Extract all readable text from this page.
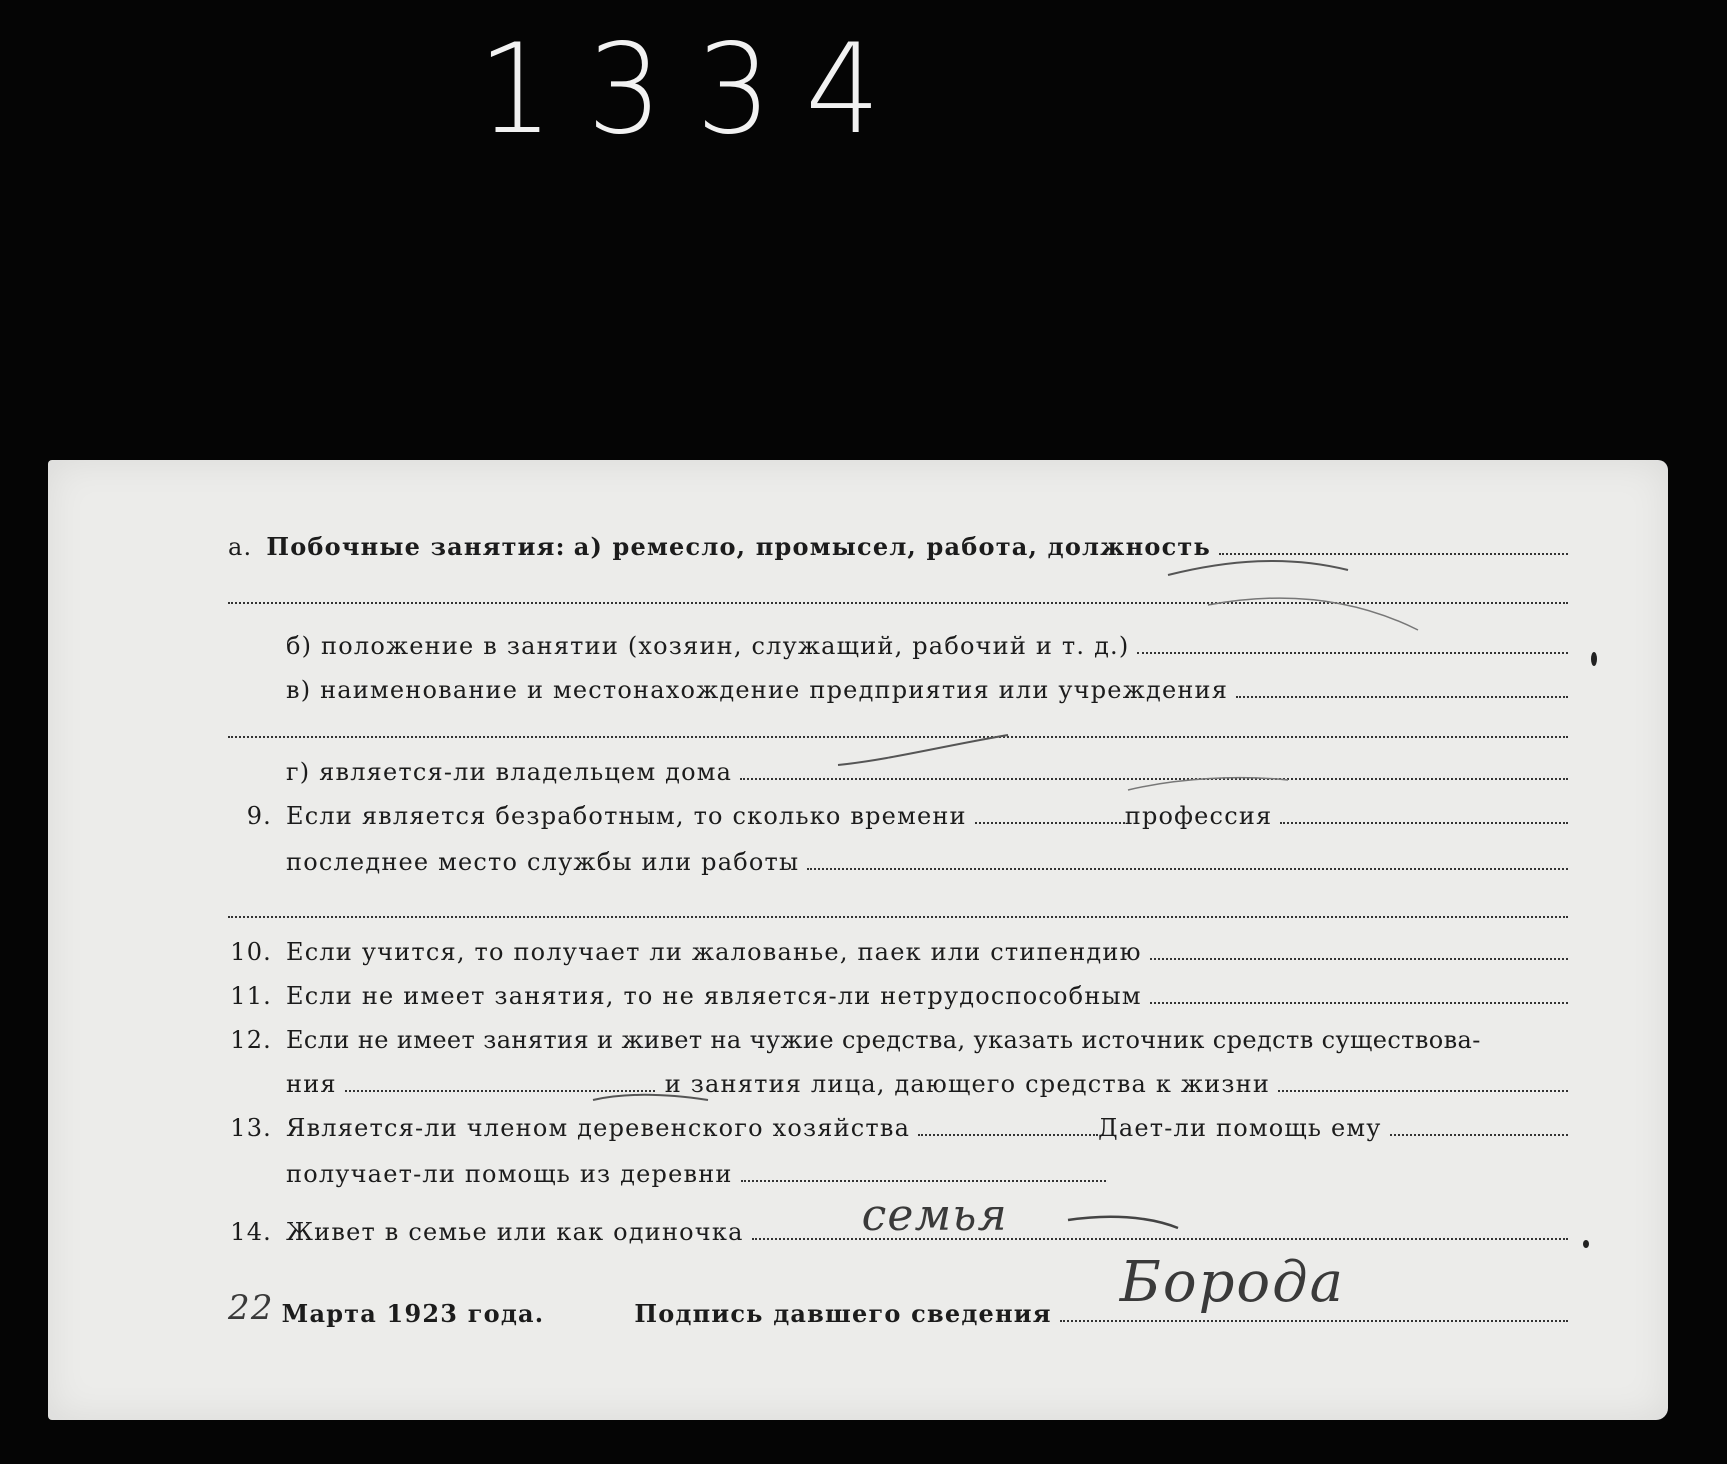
1334
а. Побочные занятия: а) ремесло, промысел, работа, должность
б) положение в занятии (хозяин, служащий, рабочий и т. д.)
в) наименование и местонахождение предприятия или учреждения
г) является-ли владельцем дома
9. Если является безработным, то сколько времени	профессия
последнее место службы или работы
10. Если учится, то получает ли жалованье, паек или стипендию
11. Если не имеет занятия, то не является-ли нетрудоспособным
12. Если не имеет занятия и живет на чужие средства, указать источник средств существова-
ния	и занятия лица, дающего средства к жизни
13. Является-ли членом деревенского хозяйства	Дает-ли помощь ему
получает-ли помощь из деревни
14. Живет в семье или как одиночка	семья
22 Марта 1923 года.	Подпись давшего сведения Борода
